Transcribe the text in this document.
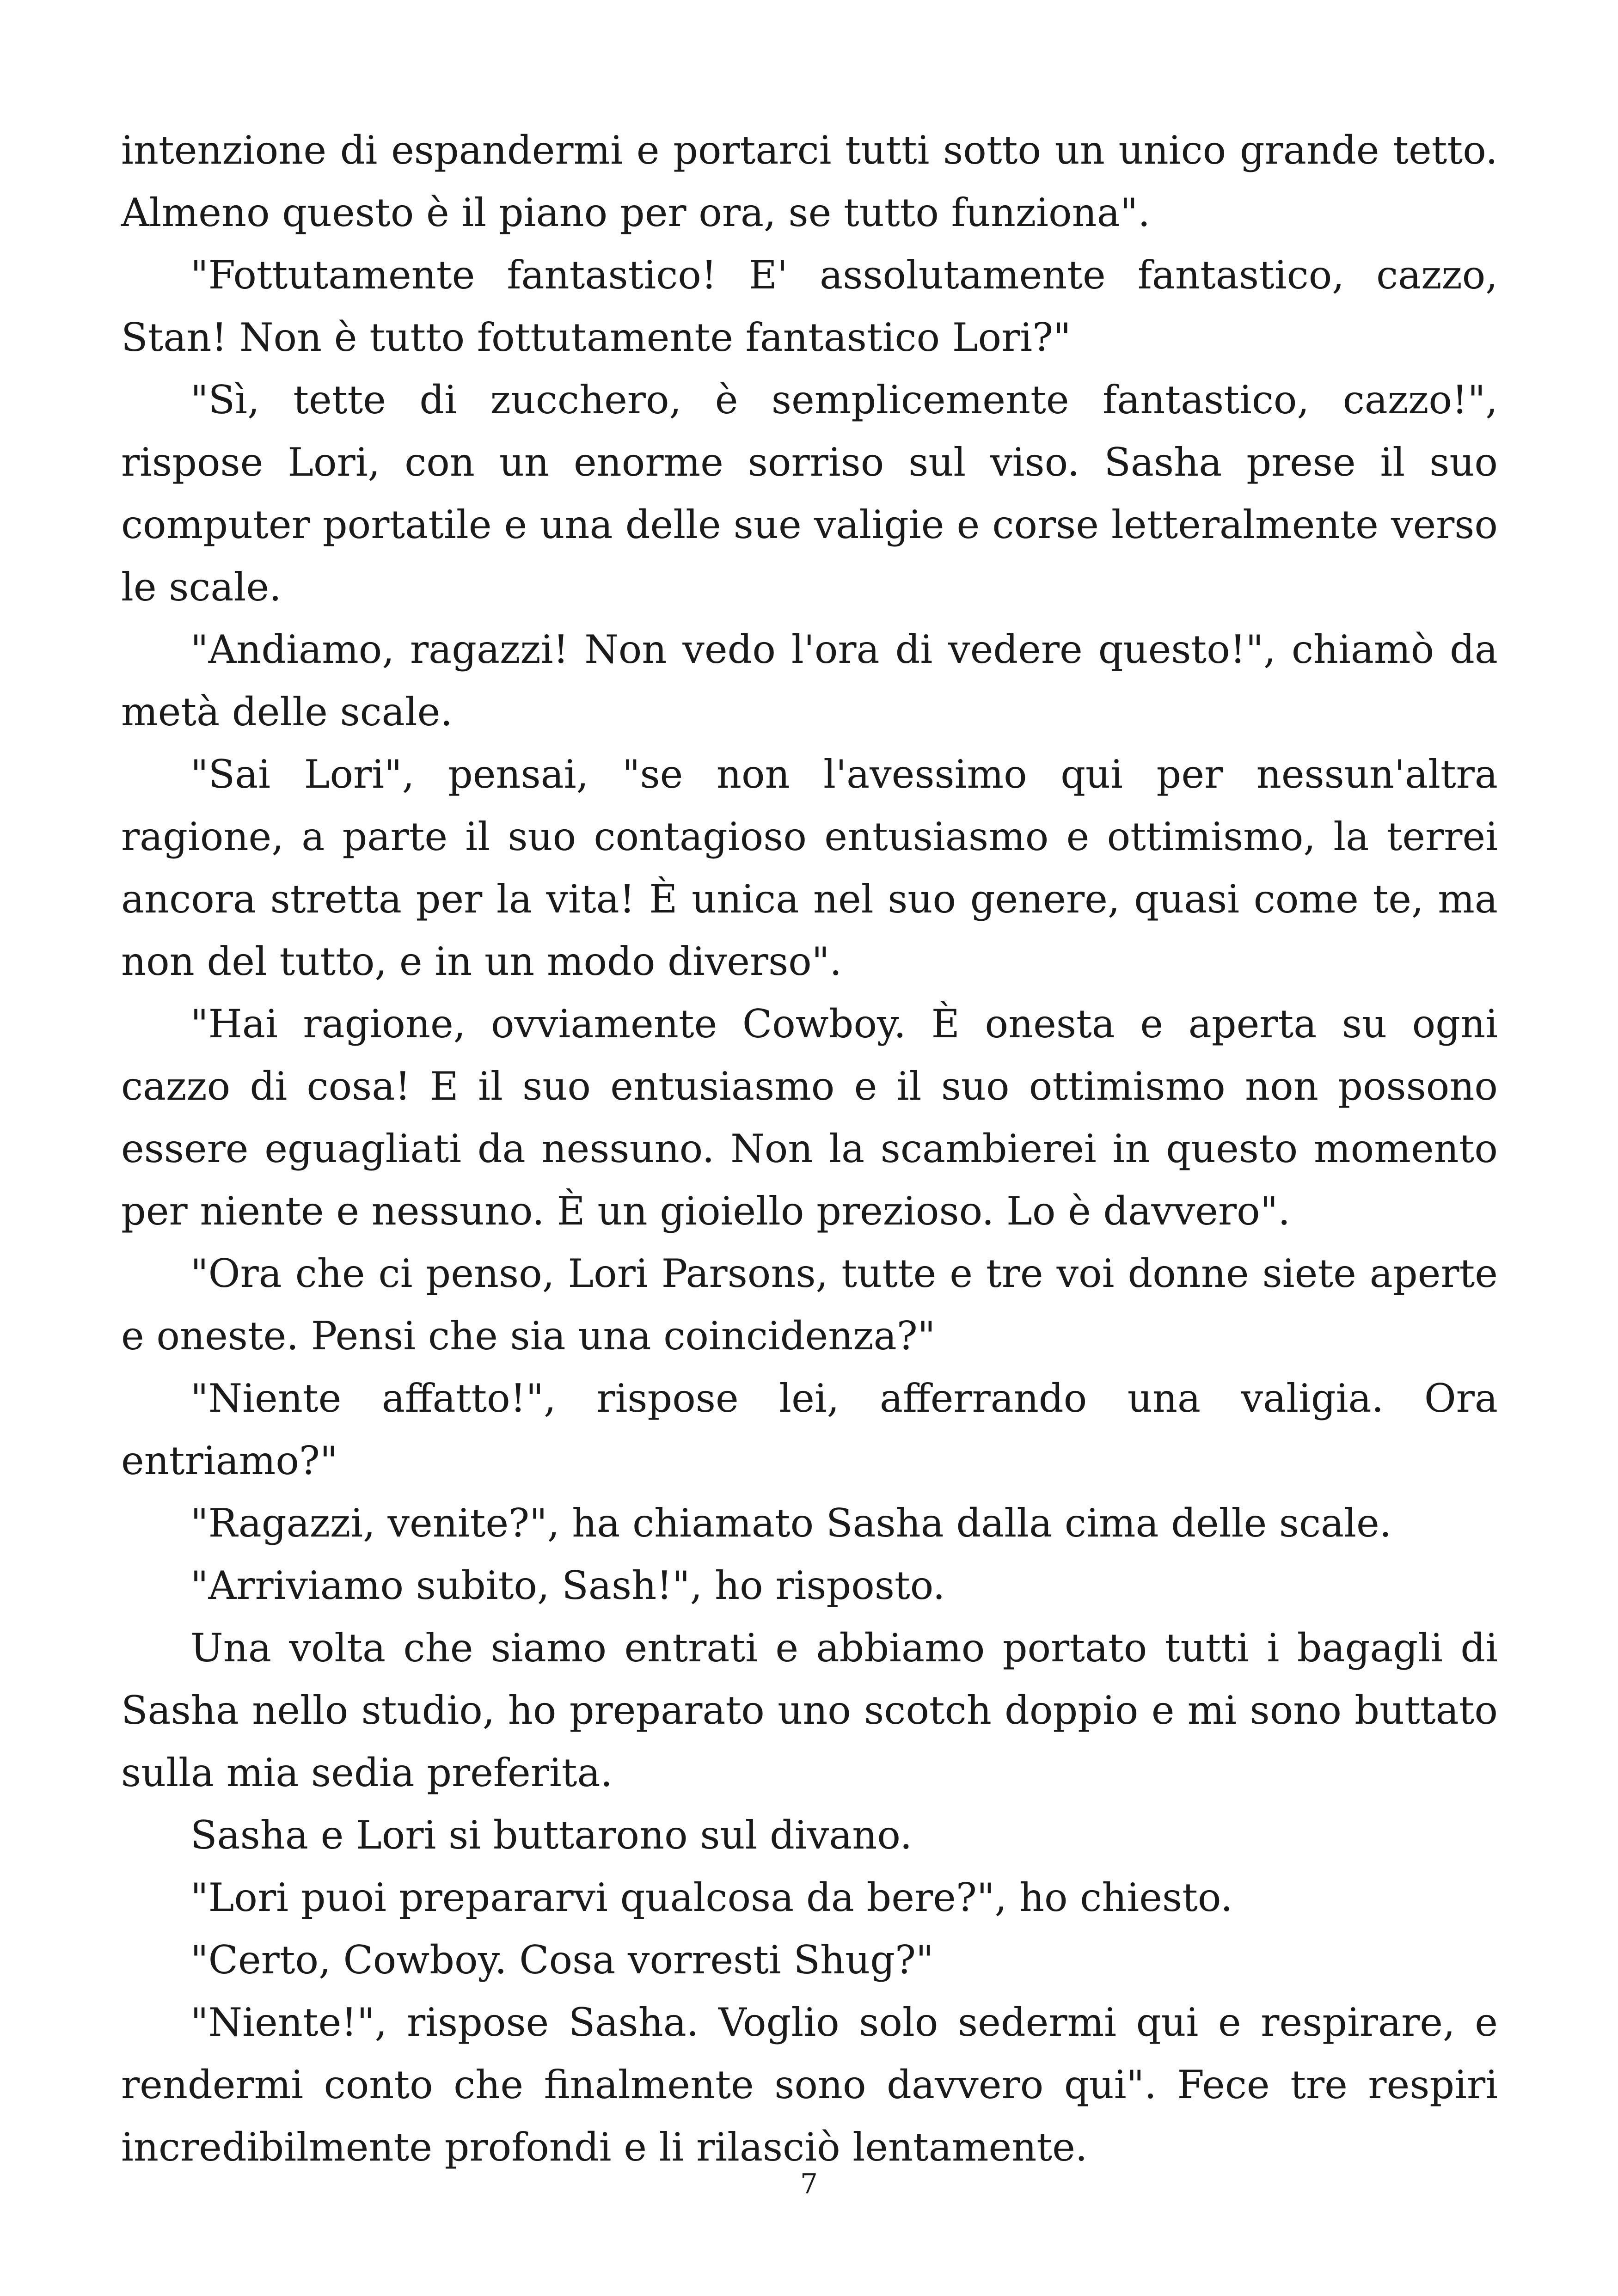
intenzione di espandermi e portarci tutti sotto un unico grande tetto. Almeno questo è il piano per ora, se tutto funziona".

"Fottutamente fantastico! E' assolutamente fantastico, cazzo, Stan! Non è tutto fottutamente fantastico Lori?"

"Sì, tette di zucchero, è semplicemente fantastico, cazzo!", rispose Lori, con un enorme sorriso sul viso. Sasha prese il suo computer portatile e una delle sue valigie e corse letteralmente verso le scale.

"Andiamo, ragazzi! Non vedo l'ora di vedere questo!", chiamò da metà delle scale.

"Sai Lori", pensai, "se non l'avessimo qui per nessun'altra ragione, a parte il suo contagioso entusiasmo e ottimismo, la terrei ancora stretta per la vita! È unica nel suo genere, quasi come te, ma non del tutto, e in un modo diverso".

"Hai ragione, ovviamente Cowboy. È onesta e aperta su ogni cazzo di cosa! E il suo entusiasmo e il suo ottimismo non possono essere eguagliati da nessuno. Non la scambierei in questo momento per niente e nessuno. È un gioiello prezioso. Lo è davvero".

"Ora che ci penso, Lori Parsons, tutte e tre voi donne siete aperte e oneste. Pensi che sia una coincidenza?"

"Niente affatto!", rispose lei, afferrando una valigia. Ora entriamo?"

"Ragazzi, venite?", ha chiamato Sasha dalla cima delle scale.

"Arriviamo subito, Sash!", ho risposto.

Una volta che siamo entrati e abbiamo portato tutti i bagagli di Sasha nello studio, ho preparato uno scotch doppio e mi sono buttato sulla mia sedia preferita.

Sasha e Lori si buttarono sul divano.

"Lori puoi prepararvi qualcosa da bere?", ho chiesto.

"Certo, Cowboy. Cosa vorresti Shug?"

"Niente!", rispose Sasha. Voglio solo sedermi qui e respirare, e rendermi conto che finalmente sono davvero qui". Fece tre respiri incredibilmente profondi e li rilasciò lentamente.

7
